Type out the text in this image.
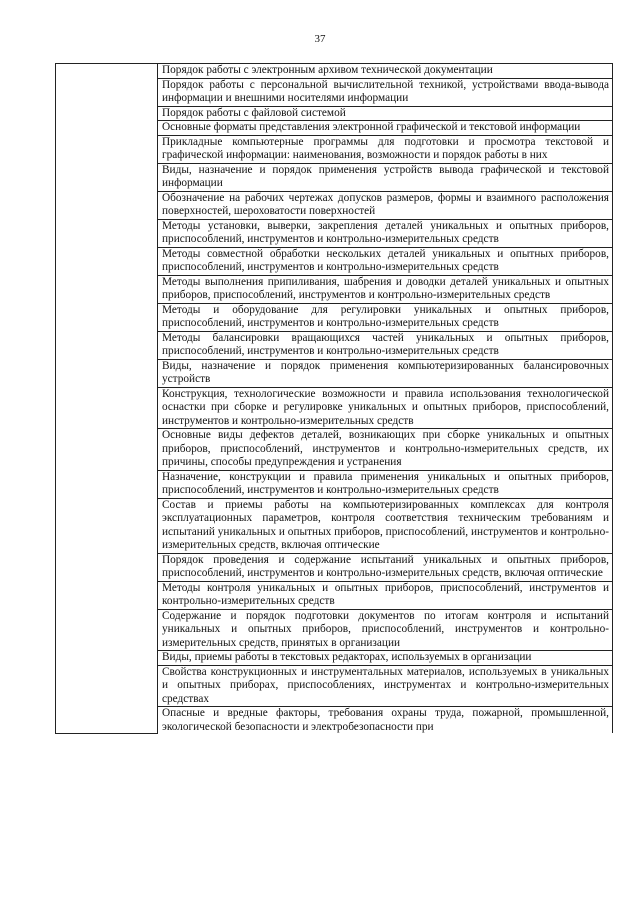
37
	Порядок работы с электронным архивом технической документации
Порядок работы с персональной вычислительной техникой, устройствами ввода-вывода информации и внешними носителями информации
Порядок работы с файловой системой
Основные форматы представления электронной графической и текстовой информации
Прикладные компьютерные программы для подготовки и просмотра текстовой и графической информации: наименования, возможности и порядок работы в них
Виды, назначение и порядок применения устройств вывода графической и текстовой информации
Обозначение на рабочих чертежах допусков размеров, формы и взаимного расположения поверхностей, шероховатости поверхностей
Методы установки, выверки, закрепления деталей уникальных и опытных приборов, приспособлений, инструментов и контрольно-измерительных средств
Методы совместной обработки нескольких деталей уникальных и опытных приборов, приспособлений, инструментов и контрольно-измерительных средств
Методы выполнения припиливания, шабрения и доводки деталей уникальных и опытных приборов, приспособлений, инструментов и контрольно-измерительных средств
Методы и оборудование для регулировки уникальных и опытных приборов, приспособлений, инструментов и контрольно-измерительных средств
Методы балансировки вращающихся частей уникальных и опытных приборов, приспособлений, инструментов и контрольно-измерительных средств
Виды, назначение и порядок применения компьютеризированных балансировочных устройств
Конструкция, технологические возможности и правила использования технологической оснастки при сборке и регулировке уникальных и опытных приборов, приспособлений, инструментов и контрольно-измерительных средств
Основные виды дефектов деталей, возникающих при сборке уникальных и опытных приборов, приспособлений, инструментов и контрольно-измерительных средств, их причины, способы предупреждения и устранения
Назначение, конструкции и правила применения уникальных и опытных приборов, приспособлений, инструментов и контрольно-измерительных средств
Состав и приемы работы на компьютеризированных комплексах для контроля эксплуатационных параметров, контроля соответствия техническим требованиям и испытаний уникальных и опытных приборов, приспособлений, инструментов и контрольно-измерительных средств, включая оптические
Порядок проведения и содержание испытаний уникальных и опытных приборов, приспособлений, инструментов и контрольно-измерительных средств, включая оптические
Методы контроля уникальных и опытных приборов, приспособлений, инструментов и контрольно-измерительных средств
Содержание и порядок подготовки документов по итогам контроля и испытаний уникальных и опытных приборов, приспособлений, инструментов и контрольно-измерительных средств, принятых в организации
Виды, приемы работы в текстовых редакторах, используемых в организации
Свойства конструкционных и инструментальных материалов, используемых в уникальных и опытных приборах, приспособлениях, инструментах и контрольно-измерительных средствах

Опасные и вредные факторы, требования охраны труда, пожарной, промышленной, экологической безопасности и электробезопасности при
